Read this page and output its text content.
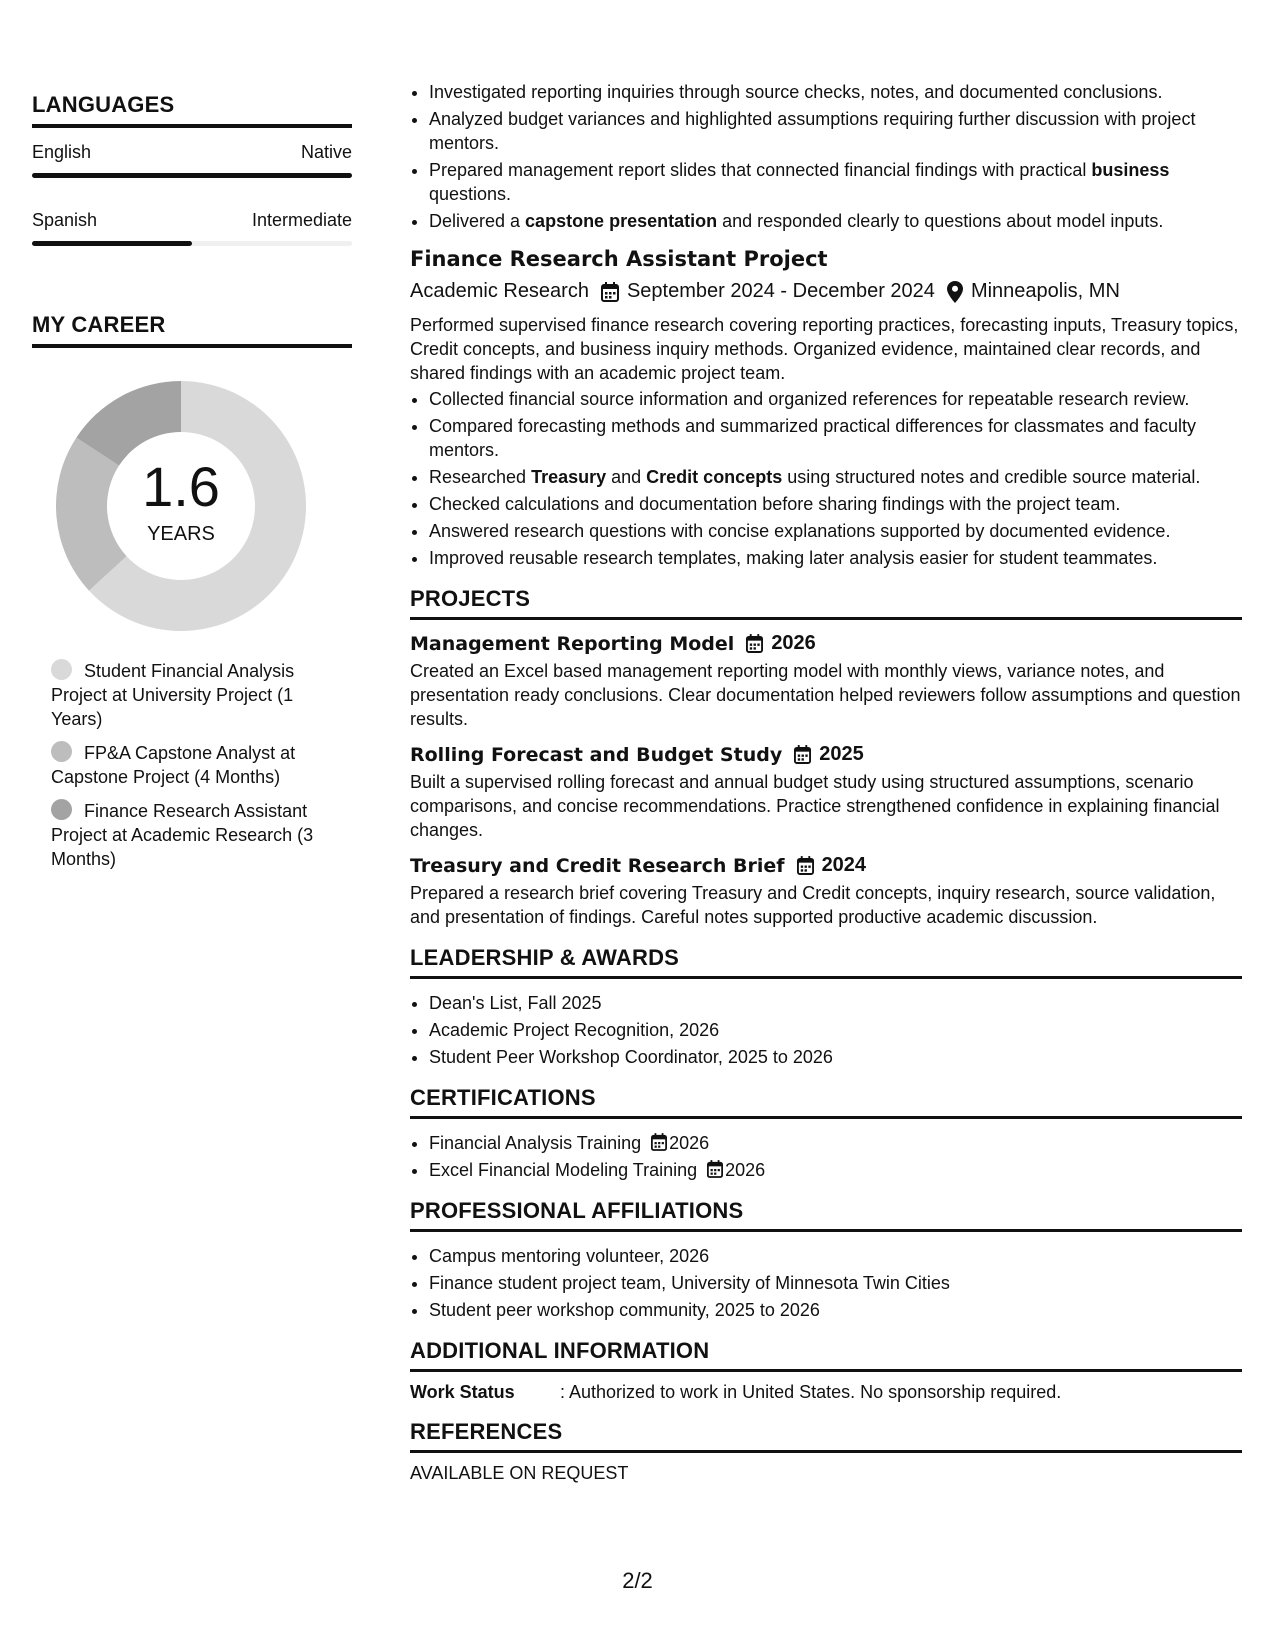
LANGUAGES
English	Native
Spanish	Intermediate
MY CAREER
1.6
YEARS
Student Financial Analysis Project at University Project (1 Years)
FP&A Capstone Analyst at Capstone Project (4 Months)
Finance Research Assistant Project at Academic Research (3 Months)
• Investigated reporting inquiries through source checks, notes, and documented conclusions.
• Analyzed budget variances and highlighted assumptions requiring further discussion with project mentors.
• Prepared management report slides that connected financial findings with practical business questions.
• Delivered a capstone presentation and responded clearly to questions about model inputs.
Finance Research Assistant Project
Academic Research September 2024 - December 2024 Minneapolis, MN
Performed supervised finance research covering reporting practices, forecasting inputs, Treasury topics, Credit concepts, and business inquiry methods. Organized evidence, maintained clear records, and shared findings with an academic project team.
• Collected financial source information and organized references for repeatable research review.
• Compared forecasting methods and summarized practical differences for classmates and faculty mentors.
• Researched Treasury and Credit concepts using structured notes and credible source material.
• Checked calculations and documentation before sharing findings with the project team.
• Answered research questions with concise explanations supported by documented evidence.
• Improved reusable research templates, making later analysis easier for student teammates.
PROJECTS
Management Reporting Model 2026
Created an Excel based management reporting model with monthly views, variance notes, and presentation ready conclusions. Clear documentation helped reviewers follow assumptions and question results.
Rolling Forecast and Budget Study 2025
Built a supervised rolling forecast and annual budget study using structured assumptions, scenario comparisons, and concise recommendations. Practice strengthened confidence in explaining financial changes.
Treasury and Credit Research Brief 2024
Prepared a research brief covering Treasury and Credit concepts, inquiry research, source validation, and presentation of findings. Careful notes supported productive academic discussion.
LEADERSHIP & AWARDS
• Dean's List, Fall 2025
• Academic Project Recognition, 2026
• Student Peer Workshop Coordinator, 2025 to 2026
CERTIFICATIONS
• Financial Analysis Training 2026
• Excel Financial Modeling Training 2026
PROFESSIONAL AFFILIATIONS
• Campus mentoring volunteer, 2026
• Finance student project team, University of Minnesota Twin Cities
• Student peer workshop community, 2025 to 2026
ADDITIONAL INFORMATION
Work Status	: Authorized to work in United States. No sponsorship required.
REFERENCES
AVAILABLE ON REQUEST
2/2
